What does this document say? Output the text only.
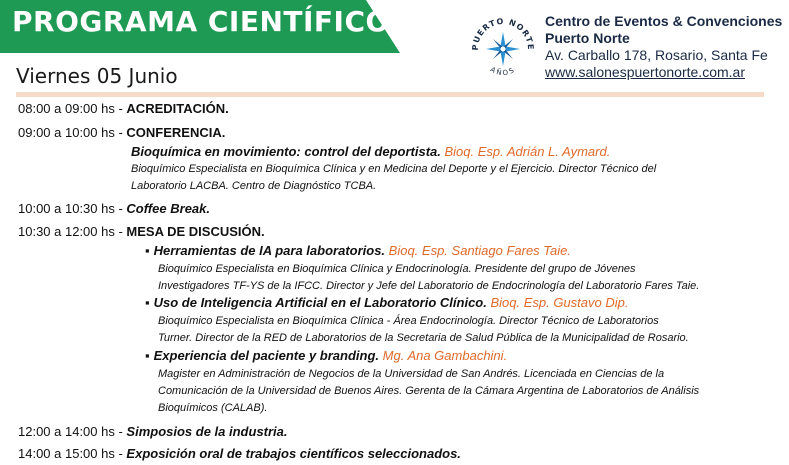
PROGRAMA CIENTÍFICO
Viernes 05 Junio
PUERTO NORTE
AÑOS
Centro de Eventos & Convenciones
Puerto Norte
Av. Carballo 178, Rosario, Santa Fe
www.salonespuertonorte.com.ar
08:00 a 09:00 hs - ACREDITACIÓN.
09:00 a 10:00 hs - CONFERENCIA.
Bioquímica en movimiento: control del deportista. Bioq. Esp. Adrián L. Aymard.
Bioquímico Especialista en Bioquímica Clínica y en Medicina del Deporte y el Ejercicio. Director Técnico del
Laboratorio LACBA. Centro de Diagnóstico TCBA.
10:00 a 10:30 hs - Coffee Break.
10:30 a 12:00 hs - MESA DE DISCUSIÓN.
▪ Herramientas de IA para laboratorios. Bioq. Esp. Santiago Fares Taie.
Bioquímico Especialista en Bioquímica Clínica y Endocrinología. Presidente del grupo de Jóvenes
Investigadores TF-YS de la IFCC. Director y Jefe del Laboratorio de Endocrinología del Laboratorio Fares Taie.
▪ Uso de Inteligencia Artificial en el Laboratorio Clínico. Bioq. Esp. Gustavo Dip.
Bioquímico Especialista en Bioquímica Clínica - Área Endocrinología. Director Técnico de Laboratorios
Turner. Director de la RED de Laboratorios de la Secretaria de Salud Pública de la Municipalidad de Rosario.
▪ Experiencia del paciente y branding. Mg. Ana Gambachini.
Magister en Administración de Negocios de la Universidad de San Andrés. Licenciada en Ciencias de la
Comunicación de la Universidad de Buenos Aires. Gerenta de la Cámara Argentina de Laboratorios de Análisis
Bioquímicos (CALAB).
12:00 a 14:00 hs - Simposios de la industria.
14:00 a 15:00 hs - Exposición oral de trabajos científicos seleccionados.
